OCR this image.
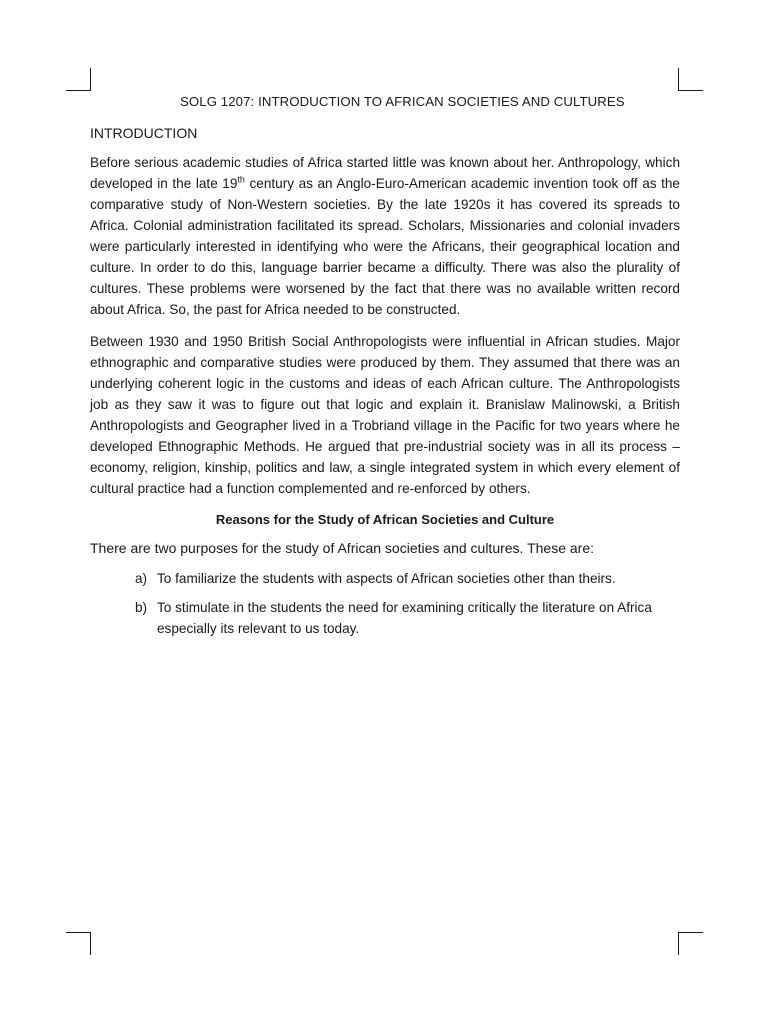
SOLG 1207: INTRODUCTION TO AFRICAN SOCIETIES AND CULTURES
INTRODUCTION

Before serious academic studies of Africa started little was known about her. Anthropology, which developed in the late 19th century as an Anglo-Euro-American academic invention took off as the comparative study of Non-Western societies. By the late 1920s it has covered its spreads to Africa. Colonial administration facilitated its spread. Scholars, Missionaries and colonial invaders were particularly interested in identifying who were the Africans, their geographical location and culture. In order to do this, language barrier became a difficulty. There was also the plurality of cultures. These problems were worsened by the fact that there was no available written record about Africa. So, the past for Africa needed to be constructed.

Between 1930 and 1950 British Social Anthropologists were influential in African studies. Major ethnographic and comparative studies were produced by them. They assumed that there was an underlying coherent logic in the customs and ideas of each African culture. The Anthropologists job as they saw it was to figure out that logic and explain it. Branislaw Malinowski, a British Anthropologists and Geographer lived in a Trobriand village in the Pacific for two years where he developed Ethnographic Methods. He argued that pre-industrial society was in all its process – economy, religion, kinship, politics and law, a single integrated system in which every element of cultural practice had a function complemented and re-enforced by others.

Reasons for the Study of African Societies and Culture

There are two purposes for the study of African societies and cultures. These are:

a) To familiarize the students with aspects of African societies other than theirs.
b) To stimulate in the students the need for examining critically the literature on Africa especially its relevant to us today.
